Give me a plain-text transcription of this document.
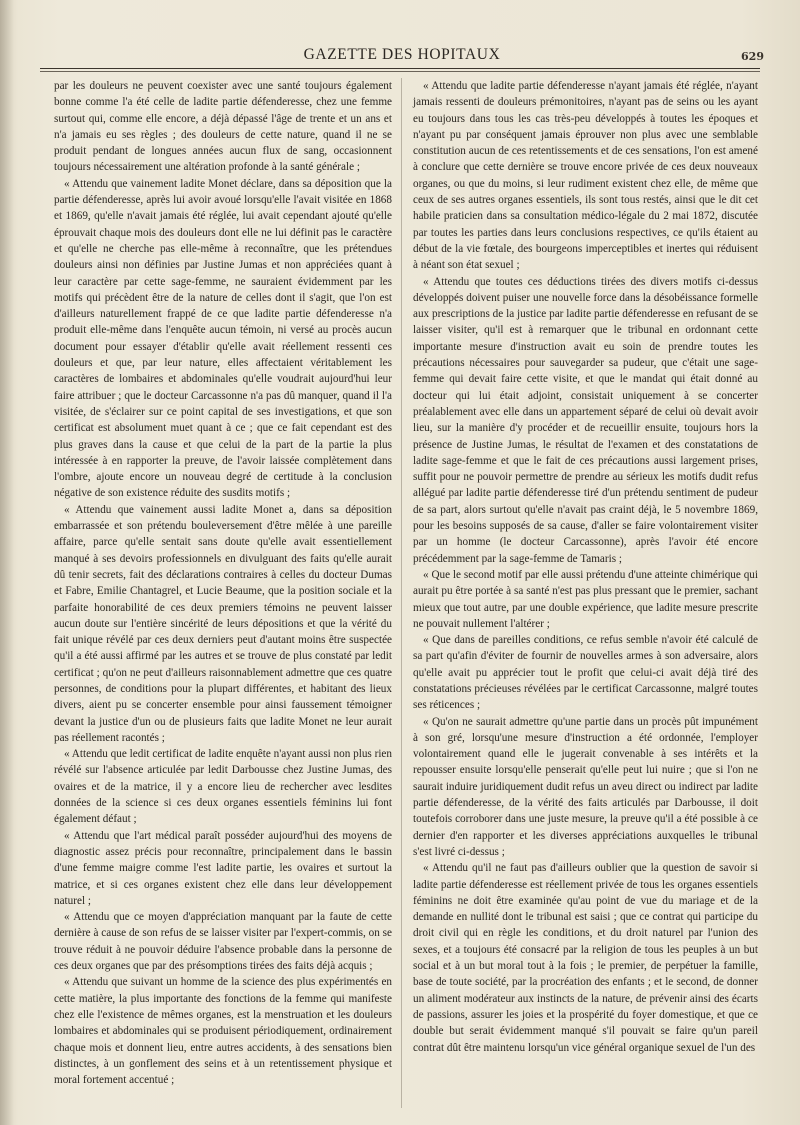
GAZETTE DES HOPITAUX	629

par les douleurs ne peuvent coexister avec une santé toujours également bonne comme l'a été celle de ladite partie défenderesse, chez une femme surtout qui, comme elle encore, a déjà dépassé l'âge de trente et un ans et n'a jamais eu ses règles ; des douleurs de cette nature, quand il ne se produit pendant de longues années aucun flux de sang, occasionnent toujours nécessairement une altération profonde à la santé générale ;

« Attendu que vainement ladite Monet déclare, dans sa déposition que la partie défenderesse, après lui avoir avoué lorsqu'elle l'avait visitée en 1868 et 1869, qu'elle n'avait jamais été réglée, lui avait cependant ajouté qu'elle éprouvait chaque mois des douleurs dont elle ne lui définit pas le caractère et qu'elle ne cherche pas elle-même à reconnaître, que les prétendues douleurs ainsi non définies par Justine Jumas et non appréciées quant à leur caractère par cette sage-femme, ne sauraient évidemment par les motifs qui précèdent être de la nature de celles dont il s'agit, que l'on est d'ailleurs naturellement frappé de ce que ladite partie défenderesse n'a produit elle-même dans l'enquête aucun témoin, ni versé au procès aucun document pour essayer d'établir qu'elle avait réellement ressenti ces douleurs et que, par leur nature, elles affectaient véritablement les caractères de lombaires et abdominales qu'elle voudrait aujourd'hui leur faire attribuer ; que le docteur Carcassonne n'a pas dû manquer, quand il l'a visitée, de s'éclairer sur ce point capital de ses investigations, et que son certificat est absolument muet quant à ce ; que ce fait cependant est des plus graves dans la cause et que celui de la part de la partie la plus intéressée à en rapporter la preuve, de l'avoir laissée complètement dans l'ombre, ajoute encore un nouveau degré de certitude à la conclusion négative de son existence réduite des susdits motifs ;

« Attendu que vainement aussi ladite Monet a, dans sa déposition embarrassée et son prétendu bouleversement d'être mêlée à une pareille affaire, parce qu'elle sentait sans doute qu'elle avait essentiellement manqué à ses devoirs professionnels en divulguant des faits qu'elle aurait dû tenir secrets, fait des déclarations contraires à celles du docteur Dumas et Fabre, Emilie Chantagrel, et Lucie Beaume, que la position sociale et la parfaite honorabilité de ces deux premiers témoins ne peuvent laisser aucun doute sur l'entière sincérité de leurs dépositions et que la vérité du fait unique révélé par ces deux derniers peut d'autant moins être suspectée qu'il a été aussi affirmé par les autres et se trouve de plus constaté par ledit certificat ; qu'on ne peut d'ailleurs raisonnablement admettre que ces quatre personnes, de conditions pour la plupart différentes, et habitant des lieux divers, aient pu se concerter ensemble pour ainsi faussement témoigner devant la justice d'un ou de plusieurs faits que ladite Monet ne leur aurait pas réellement racontés ;

« Attendu que ledit certificat de ladite enquête n'ayant aussi non plus rien révélé sur l'absence articulée par ledit Darbousse chez Justine Jumas, des ovaires et de la matrice, il y a encore lieu de rechercher avec lesdites données de la science si ces deux organes essentiels féminins lui font également défaut ;

« Attendu que l'art médical paraît posséder aujourd'hui des moyens de diagnostic assez précis pour reconnaître, principalement dans le bassin d'une femme maigre comme l'est ladite partie, les ovaires et surtout la matrice, et si ces organes existent chez elle dans leur développement naturel ;

« Attendu que ce moyen d'appréciation manquant par la faute de cette dernière à cause de son refus de se laisser visiter par l'expert-commis, on se trouve réduit à ne pouvoir déduire l'absence probable dans la personne de ces deux organes que par des présomptions tirées des faits déjà acquis ;

« Attendu que suivant un homme de la science des plus expérimentés en cette matière, la plus importante des fonctions de la femme qui manifeste chez elle l'existence de mêmes organes, est la menstruation et les douleurs lombaires et abdominales qui se produisent périodiquement, ordinairement chaque mois et donnent lieu, entre autres accidents, à des sensations bien distinctes, à un gonflement des seins et à un retentissement physique et moral fortement accentué ;

« Attendu que ladite partie défenderesse n'ayant jamais été réglée, n'ayant jamais ressenti de douleurs prémonitoires, n'ayant pas de seins ou les ayant eu toujours dans tous les cas très-peu développés à toutes les époques et n'ayant pu par conséquent jamais éprouver non plus avec une semblable constitution aucun de ces retentissements et de ces sensations, l'on est amené à conclure que cette dernière se trouve encore privée de ces deux nouveaux organes, ou que du moins, si leur rudiment existent chez elle, de même que ceux de ses autres organes essentiels, ils sont tous restés, ainsi que le dit cet habile praticien dans sa consultation médico-légale du 2 mai 1872, discutée par toutes les parties dans leurs conclusions respectives, ce qu'ils étaient au début de la vie fœtale, des bourgeons imperceptibles et inertes qui réduisent à néant son état sexuel ;

« Attendu que toutes ces déductions tirées des divers motifs ci-dessus développés doivent puiser une nouvelle force dans la désobéissance formelle aux prescriptions de la justice par ladite partie défenderesse en refusant de se laisser visiter, qu'il est à remarquer que le tribunal en ordonnant cette importante mesure d'instruction avait eu soin de prendre toutes les précautions nécessaires pour sauvegarder sa pudeur, que c'était une sage-femme qui devait faire cette visite, et que le mandat qui était donné au docteur qui lui était adjoint, consistait uniquement à se concerter préalablement avec elle dans un appartement séparé de celui où devait avoir lieu, sur la manière d'y procéder et de recueillir ensuite, toujours hors la présence de Justine Jumas, le résultat de l'examen et des constatations de ladite sage-femme et que le fait de ces précautions aussi largement prises, suffit pour ne pouvoir permettre de prendre au sérieux les motifs dudit refus allégué par ladite partie défenderesse tiré d'un prétendu sentiment de pudeur de sa part, alors surtout qu'elle n'avait pas craint déjà, le 5 novembre 1869, pour les besoins supposés de sa cause, d'aller se faire volontairement visiter par un homme (le docteur Carcassonne), après l'avoir été encore précédemment par la sage-femme de Tamaris ;

« Que le second motif par elle aussi prétendu d'une atteinte chimérique qui aurait pu être portée à sa santé n'est pas plus pressant que le premier, sachant mieux que tout autre, par une double expérience, que ladite mesure prescrite ne pouvait nullement l'altérer ;

« Que dans de pareilles conditions, ce refus semble n'avoir été calculé de sa part qu'afin d'éviter de fournir de nouvelles armes à son adversaire, alors qu'elle avait pu apprécier tout le profit que celui-ci avait déjà tiré des constatations précieuses révélées par le certificat Carcassonne, malgré toutes ses réticences ;

« Qu'on ne saurait admettre qu'une partie dans un procès pût impunément à son gré, lorsqu'une mesure d'instruction a été ordonnée, l'employer volontairement quand elle le jugerait convenable à ses intérêts et la repousser ensuite lorsqu'elle penserait qu'elle peut lui nuire ; que si l'on ne saurait induire juridiquement dudit refus un aveu direct ou indirect par ladite partie défenderesse, de la vérité des faits articulés par Darbousse, il doit toutefois corroborer dans une juste mesure, la preuve qu'il a été possible à ce dernier d'en rapporter et les diverses appréciations auxquelles le tribunal s'est livré ci-dessus ;

« Attendu qu'il ne faut pas d'ailleurs oublier que la question de savoir si ladite partie défenderesse est réellement privée de tous les organes essentiels féminins ne doit être examinée qu'au point de vue du mariage et de la demande en nullité dont le tribunal est saisi ; que ce contrat qui participe du droit civil qui en règle les conditions, et du droit naturel par l'union des sexes, et a toujours été consacré par la religion de tous les peuples à un but social et à un but moral tout à la fois ; le premier, de perpétuer la famille, base de toute société, par la procréation des enfants ; et le second, de donner un aliment modérateur aux instincts de la nature, de prévenir ainsi des écarts de passions, assurer les joies et la prospérité du foyer domestique, et que ce double but serait évidemment manqué s'il pouvait se faire qu'un pareil contrat dût être maintenu lorsqu'un vice général organique sexuel de l'un des
